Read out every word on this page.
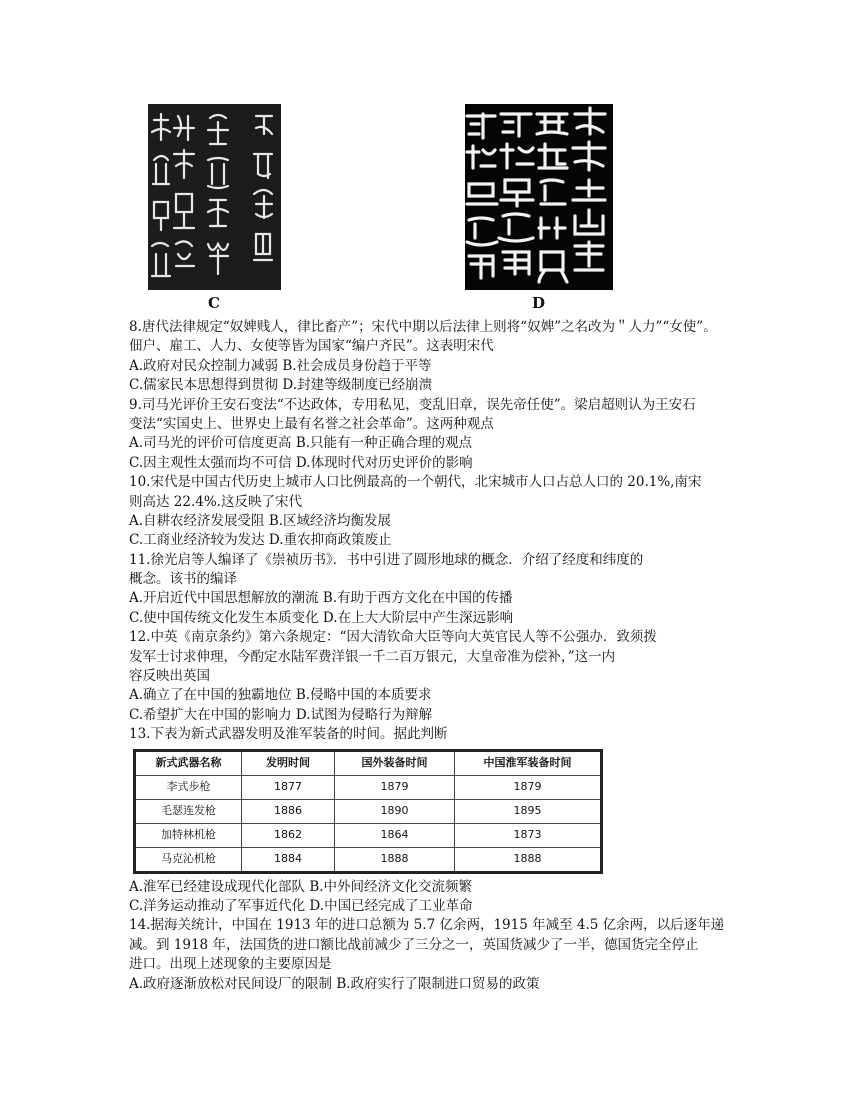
C	D
8.唐代法律规定“奴婢贱人，律比畜产”；宋代中期以后法律上则将“奴婢”之名改为＂人力”“女使”。
佃户、雇工、人力、女使等皆为国家“编户齐民”。这表明宋代
A.政府对民众控制力减弱 B.社会成员身份趋于平等
C.儒家民本思想得到贯彻 D.封建等级制度已经崩溃
9.司马光评价王安石变法“不达政体，专用私见，变乱旧章，误先帝任使”。梁启超则认为王安石
变法“实国史上、世界史上最有名誉之社会革命”。这两种观点
A.司马光的评价可信度更高 B.只能有一种正确合理的观点
C.因主观性太强而均不可信 D.体现时代对历史评价的影响
10.宋代是中国古代历史上城市人口比例最高的一个朝代，北宋城市人口占总人口的 20.1%,南宋
则高达 22.4%.这反映了宋代
A.自耕农经济发展受阻 B.区域经济均衡发展
C.工商业经济较为发达 D.重农抑商政策废止
11.徐光启等人编译了《崇祯历书》．书中引进了圆形地球的概念．介绍了经度和纬度的
概念。该书的编译
A.开启近代中国思想解放的潮流 B.有助于西方文化在中国的传播
C.使中国传统文化发生本质变化 D.在上大大阶层中产生深远影响
12.中英《南京条约》第六条规定：“因大清钦命大臣等向大英官民人等不公强办．致须拨
发军士讨求伸理，今酌定水陆军费洋银一千二百万银元，大皇帝准为偿补，”这一内
容反映出英国
A.确立了在中国的独霸地位 B.侵略中国的本质要求
C.希望扩大在中国的影响力 D.试图为侵略行为辩解
13.下表为新式武器发明及淮军装备的时间。据此判断
新式武器名称	发明时间	国外装备时间	中国淮军装备时间
李式步枪	1877	1879	1879
毛瑟连发枪	1886	1890	1895
加特林机枪	1862	1864	1873
马克沁机枪	1884	1888	1888
A.淮军已经建设成现代化部队 B.中外间经济文化交流频繁
C.洋务运动推动了军事近代化 D.中国已经完成了工业革命
14.据海关统计，中国在 1913 年的进口总额为 5.7 亿余两，1915 年减至 4.5 亿余两，以后逐年递
减。到 1918 年，法国货的进口额比战前减少了三分之一，英国货减少了一半，德国货完全停止
进口。出现上述现象的主要原因是
A.政府逐渐放松对民间设厂的限制 B.政府实行了限制进口贸易的政策
